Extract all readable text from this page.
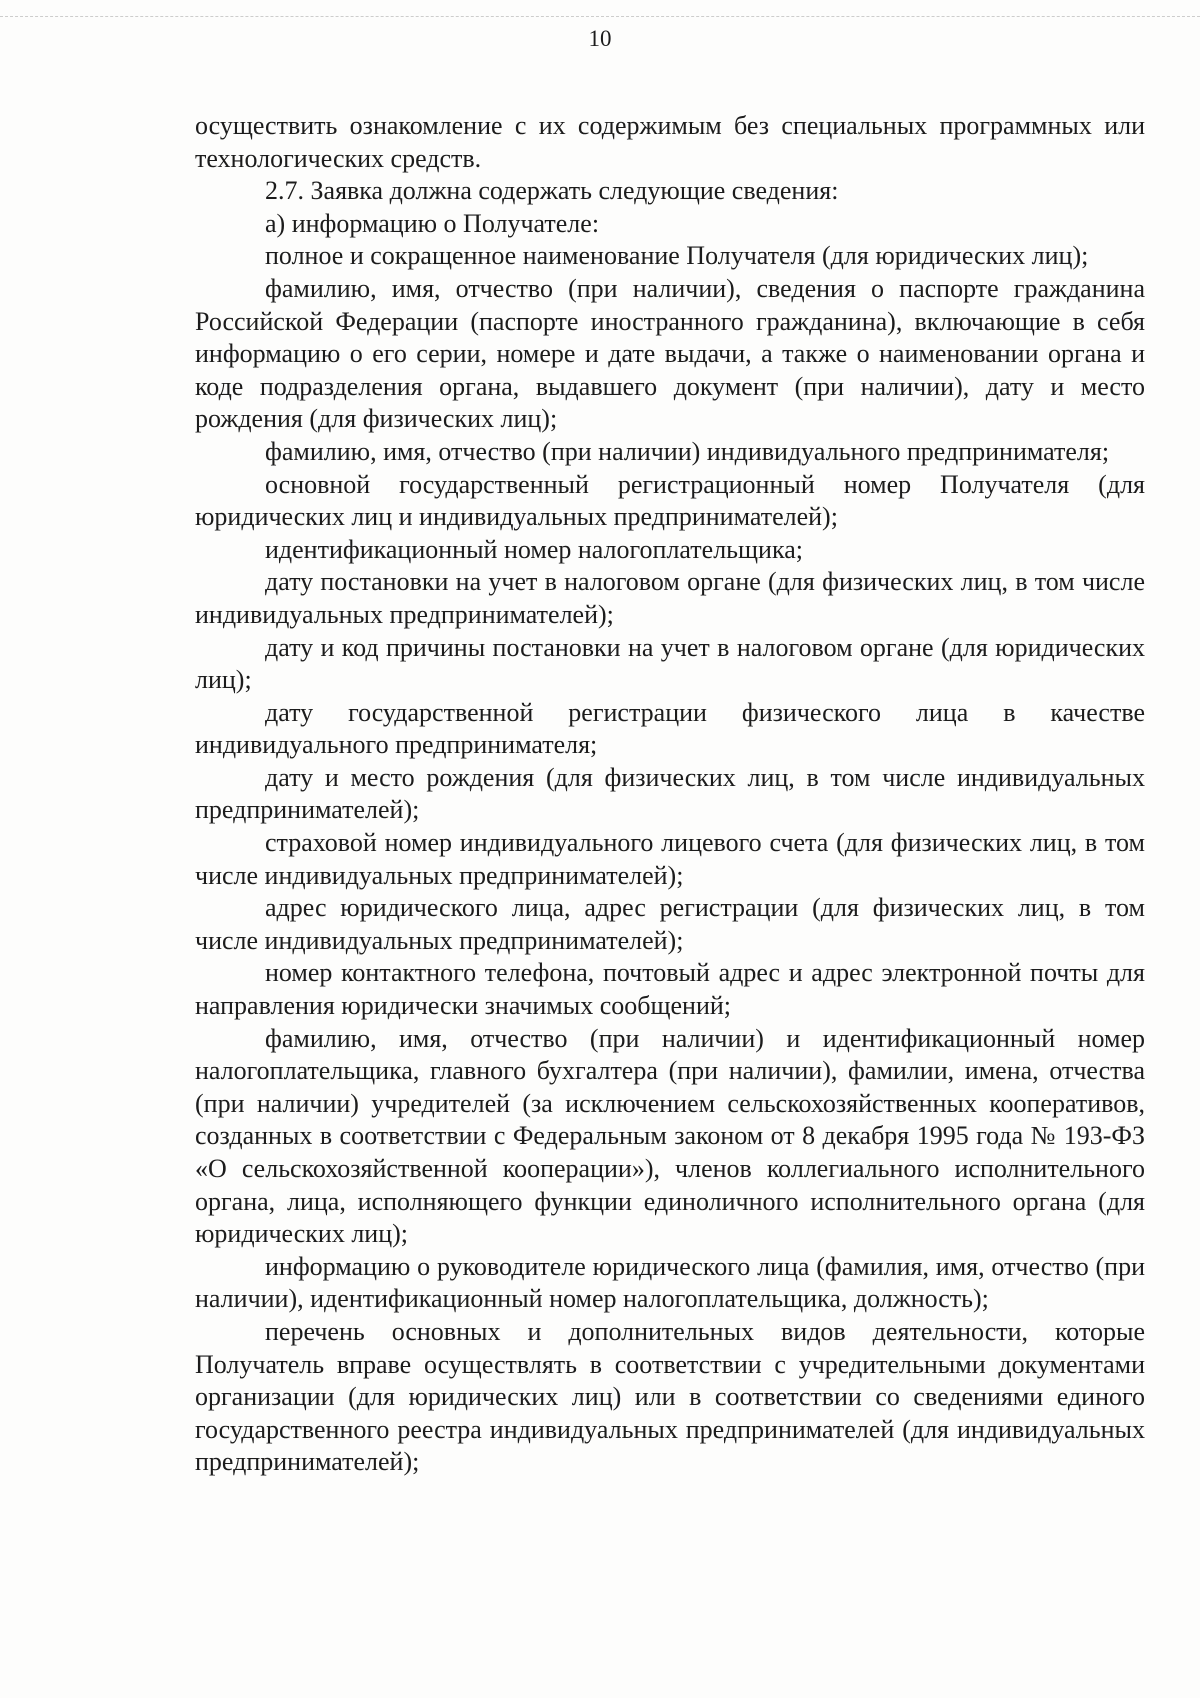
10

осуществить ознакомление с их содержимым без специальных программных или технологических средств.

2.7. Заявка должна содержать следующие сведения:

а) информацию о Получателе:

полное и сокращенное наименование Получателя (для юридических лиц);

фамилию, имя, отчество (при наличии), сведения о паспорте гражданина Российской Федерации (паспорте иностранного гражданина), включающие в себя информацию о его серии, номере и дате выдачи, а также о наименовании органа и коде подразделения органа, выдавшего документ (при наличии), дату и место рождения (для физических лиц);

фамилию, имя, отчество (при наличии) индивидуального предпринимателя;

основной государственный регистрационный номер Получателя (для юридических лиц и индивидуальных предпринимателей);

идентификационный номер налогоплательщика;

дату постановки на учет в налоговом органе (для физических лиц, в том числе индивидуальных предпринимателей);

дату и код причины постановки на учет в налоговом органе (для юридических лиц);

дату государственной регистрации физического лица в качестве индивидуального предпринимателя;

дату и место рождения (для физических лиц, в том числе индивидуальных предпринимателей);

страховой номер индивидуального лицевого счета (для физических лиц, в том числе индивидуальных предпринимателей);

адрес юридического лица, адрес регистрации (для физических лиц, в том числе индивидуальных предпринимателей);

номер контактного телефона, почтовый адрес и адрес электронной почты для направления юридически значимых сообщений;

фамилию, имя, отчество (при наличии) и идентификационный номер налогоплательщика, главного бухгалтера (при наличии), фамилии, имена, отчества (при наличии) учредителей (за исключением сельскохозяйственных кооперативов, созданных в соответствии с Федеральным законом от 8 декабря 1995 года № 193-ФЗ «О сельскохозяйственной кооперации»), членов коллегиального исполнительного органа, лица, исполняющего функции единоличного исполнительного органа (для юридических лиц);

информацию о руководителе юридического лица (фамилия, имя, отчество (при наличии), идентификационный номер налогоплательщика, должность);

перечень основных и дополнительных видов деятельности, которые Получатель вправе осуществлять в соответствии с учредительными документами организации (для юридических лиц) или в соответствии со сведениями единого государственного реестра индивидуальных предпринимателей (для индивидуальных предпринимателей);
